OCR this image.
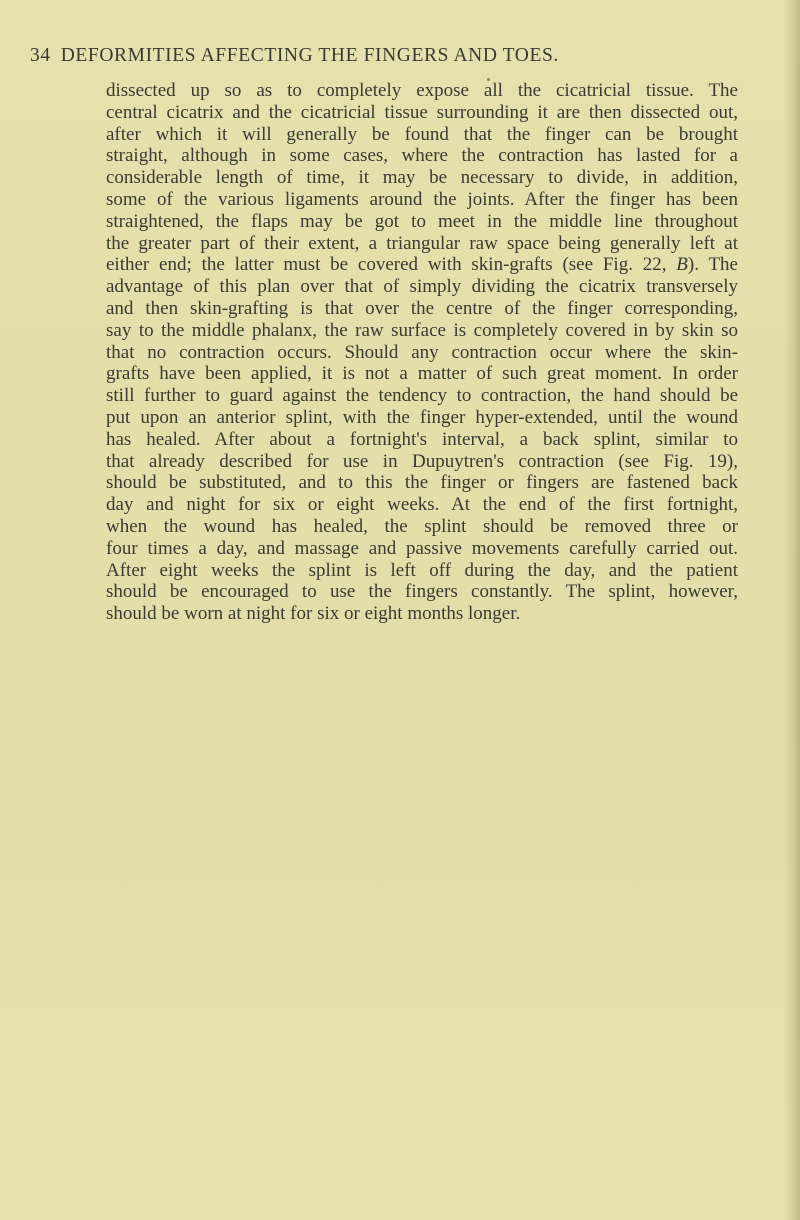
34 DEFORMITIES AFFECTING THE FINGERS AND TOES.

dissected up so as to completely expose all the cicatricial tissue. The
central cicatrix and the cicatricial tissue surrounding it are then dissected out,
after which it will generally be found that the finger can be brought
straight, although in some cases, where the contraction has lasted for a
considerable length of time, it may be necessary to divide, in addition,
some of the various ligaments around the joints. After the finger has been
straightened, the flaps may be got to meet in the middle line throughout
the greater part of their extent, a triangular raw space being generally left at
either end; the latter must be covered with skin-grafts (see Fig. 22, B). The
advantage of this plan over that of simply dividing the cicatrix transversely
and then skin-grafting is that over the centre of the finger corresponding,
say to the middle phalanx, the raw surface is completely covered in by skin so
that no contraction occurs. Should any contraction occur where the skin-
grafts have been applied, it is not a matter of such great moment. In order
still further to guard against the tendency to contraction, the hand should be
put upon an anterior splint, with the finger hyper-extended, until the wound
has healed. After about a fortnight's interval, a back splint, similar to
that already described for use in Dupuytren's contraction (see Fig. 19),
should be substituted, and to this the finger or fingers are fastened back
day and night for six or eight weeks. At the end of the first fortnight,
when the wound has healed, the splint should be removed three or
four times a day, and massage and passive movements carefully carried out.
After eight weeks the splint is left off during the day, and the patient
should be encouraged to use the fingers constantly. The splint, however,
should be worn at night for six or eight months longer.
